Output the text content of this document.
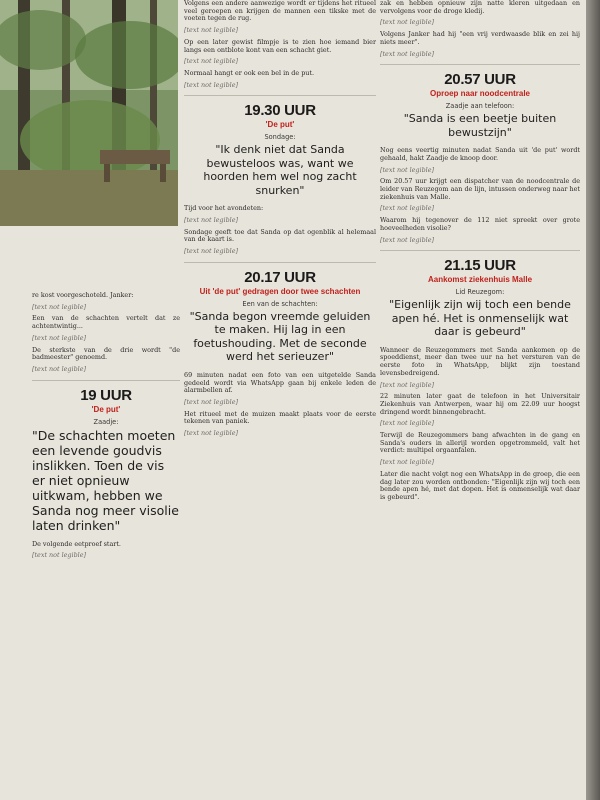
re kost voorgeschoteld. Janker:

[text not legible]

Een van de schachten vertelt dat ze achtentwintig...

[text not legible]

De sterkste van de drie wordt "de badmeester" genoemd.

[text not legible]

19 UUR
'De put'
Zaadje:
"De schachten moeten een levende goudvis inslikken. Toen de vis er niet opnieuw uitkwam, hebben we Sanda nog meer visolie laten drinken"

De volgende eetproef start.

[text not legible]

Volgens een andere aanwezige wordt er tijdens het ritueel veel geroepen en krijgen de mannen een tikske met de voeten tegen de rug.

[text not legible]

Op een later gewist filmpje is te zien hoe iemand bier langs een ontblote kont van een schacht giet.

[text not legible]

Normaal hangt er ook een bel in de put.

[text not legible]

19.30 UUR
'De put'
Sondage:
"Ik denk niet dat Sanda bewusteloos was, want we hoorden hem wel nog zacht snurken"

Tijd voor het avondeten:

[text not legible]

Sondage geeft toe dat Sanda op dat ogenblik al helemaal van de kaart is.

[text not legible]

20.17 UUR
Uit 'de put' gedragen door twee schachten
Een van de schachten:
"Sanda begon vreemde geluiden te maken. Hij lag in een foetushouding. Met de seconde werd het serieuzer"

69 minuten nadat een foto van een uitgetelde Sanda gedeeld wordt via WhatsApp gaan bij enkele leden de alarmbellen af.

[text not legible]

Het ritueel met de muizen maakt plaats voor de eerste tekenen van paniek.

[text not legible]

zak en hebben opnieuw zijn natte kleren uitgedaan en vervolgens voor de droge kledij.

[text not legible]

Volgens Janker had hij "een vrij verdwaasde blik en zei hij niets meer".

[text not legible]

20.57 UUR
Oproep naar noodcentrale
Zaadje aan telefoon:
"Sanda is een beetje buiten bewustzijn"

Nog eens veertig minuten nadat Sanda uit 'de put' wordt gehaald, hakt Zaadje de knoop door.

[text not legible]

Om 20.57 uur krijgt een dispatcher van de noodcentrale de leider van Reuzegom aan de lijn, intussen onderweg naar het ziekenhuis van Malle.

[text not legible]

Waarom hij tegenover de 112 niet spreekt over grote hoeveelheden visolie?

[text not legible]

21.15 UUR
Aankomst ziekenhuis Malle
Lid Reuzegom:
"Eigenlijk zijn wij toch een bende apen hé. Het is onmenselijk wat daar is gebeurd"

Wanneer de Reuzegommers met Sanda aankomen op de spoeddienst, meer dan twee uur na het versturen van de eerste foto in WhatsApp, blijkt zijn toestand levensbedreigend.

[text not legible]

22 minuten later gaat de telefoon in het Universitair Ziekenhuis van Antwerpen, waar hij om 22.09 uur hoogst dringend wordt binnengebracht.

[text not legible]

Terwijl de Reuzegommers bang afwachten in de gang en Sanda's ouders in allerijl worden opgetrommeld, valt het verdict: multipel orgaanfalen.

[text not legible]

Later die nacht volgt nog een WhatsApp in de groep, die een dag later zou worden ontbonden: "Eigenlijk zijn wij toch een bende apen hé, met dat dopen. Het is onmenselijk wat daar is gebeurd".
